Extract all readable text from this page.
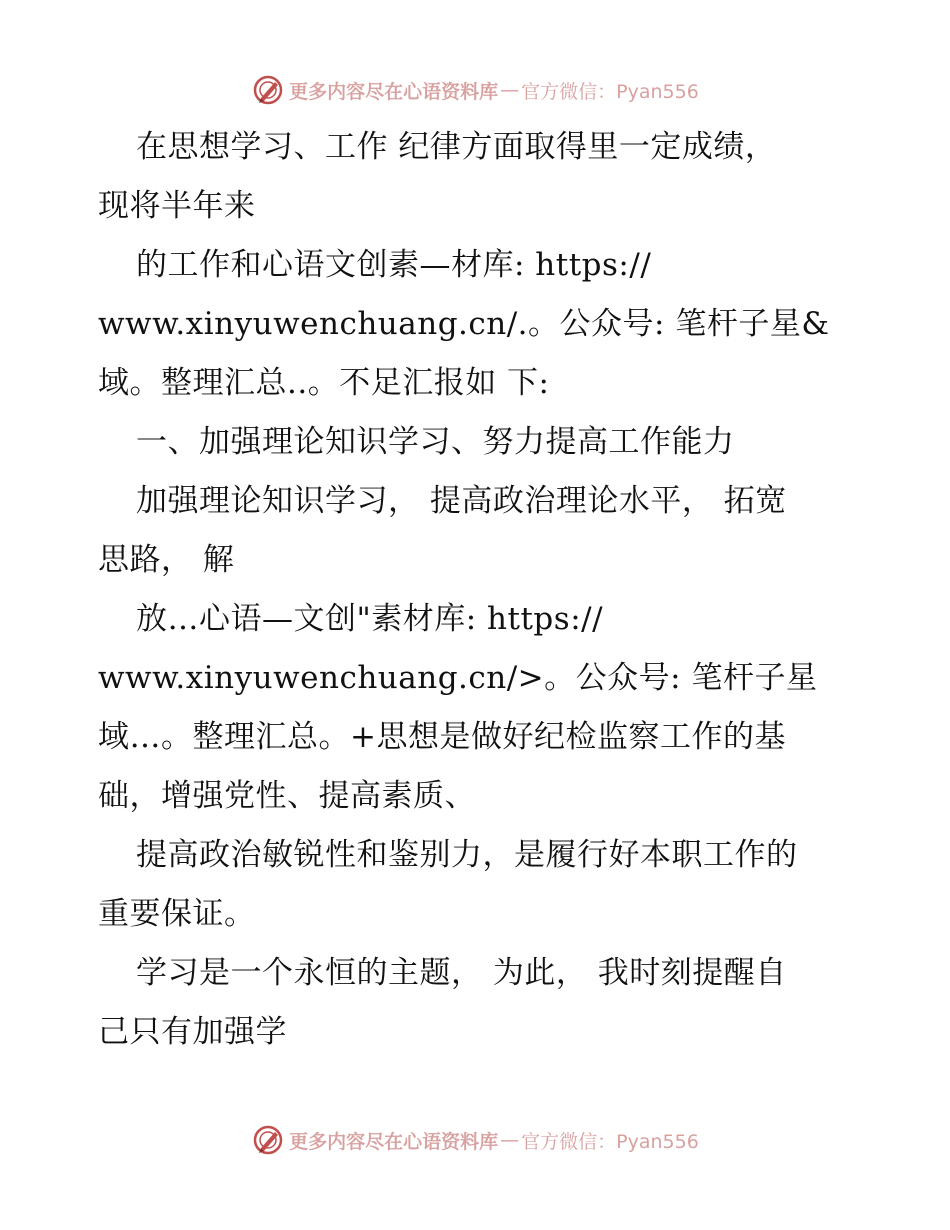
更多内容尽在心语资料库 — 官方微信：Pyan556
在思想学习、工作 纪律方面取得里一定成绩，
现将半年来
的工作和心语文创素—材库: https://
www.xinyuwenchuang.cn/.。公众号: 笔杆子星&
域。整理汇总..。不足汇报如 下:
一、加强理论知识学习、努力提高工作能力
加强理论知识学习， 提高政治理论水平， 拓宽
思路， 解
放…心语—文创"素材库: https://
www.xinyuwenchuang.cn/>。公众号: 笔杆子星
域…。整理汇总。+思想是做好纪检监察工作的基
础，增强党性、提高素质、
提高政治敏锐性和鉴别力，是履行好本职工作的
重要保证。
学习是一个永恒的主题， 为此， 我时刻提醒自
己只有加强学
更多内容尽在心语资料库 — 官方微信：Pyan556
